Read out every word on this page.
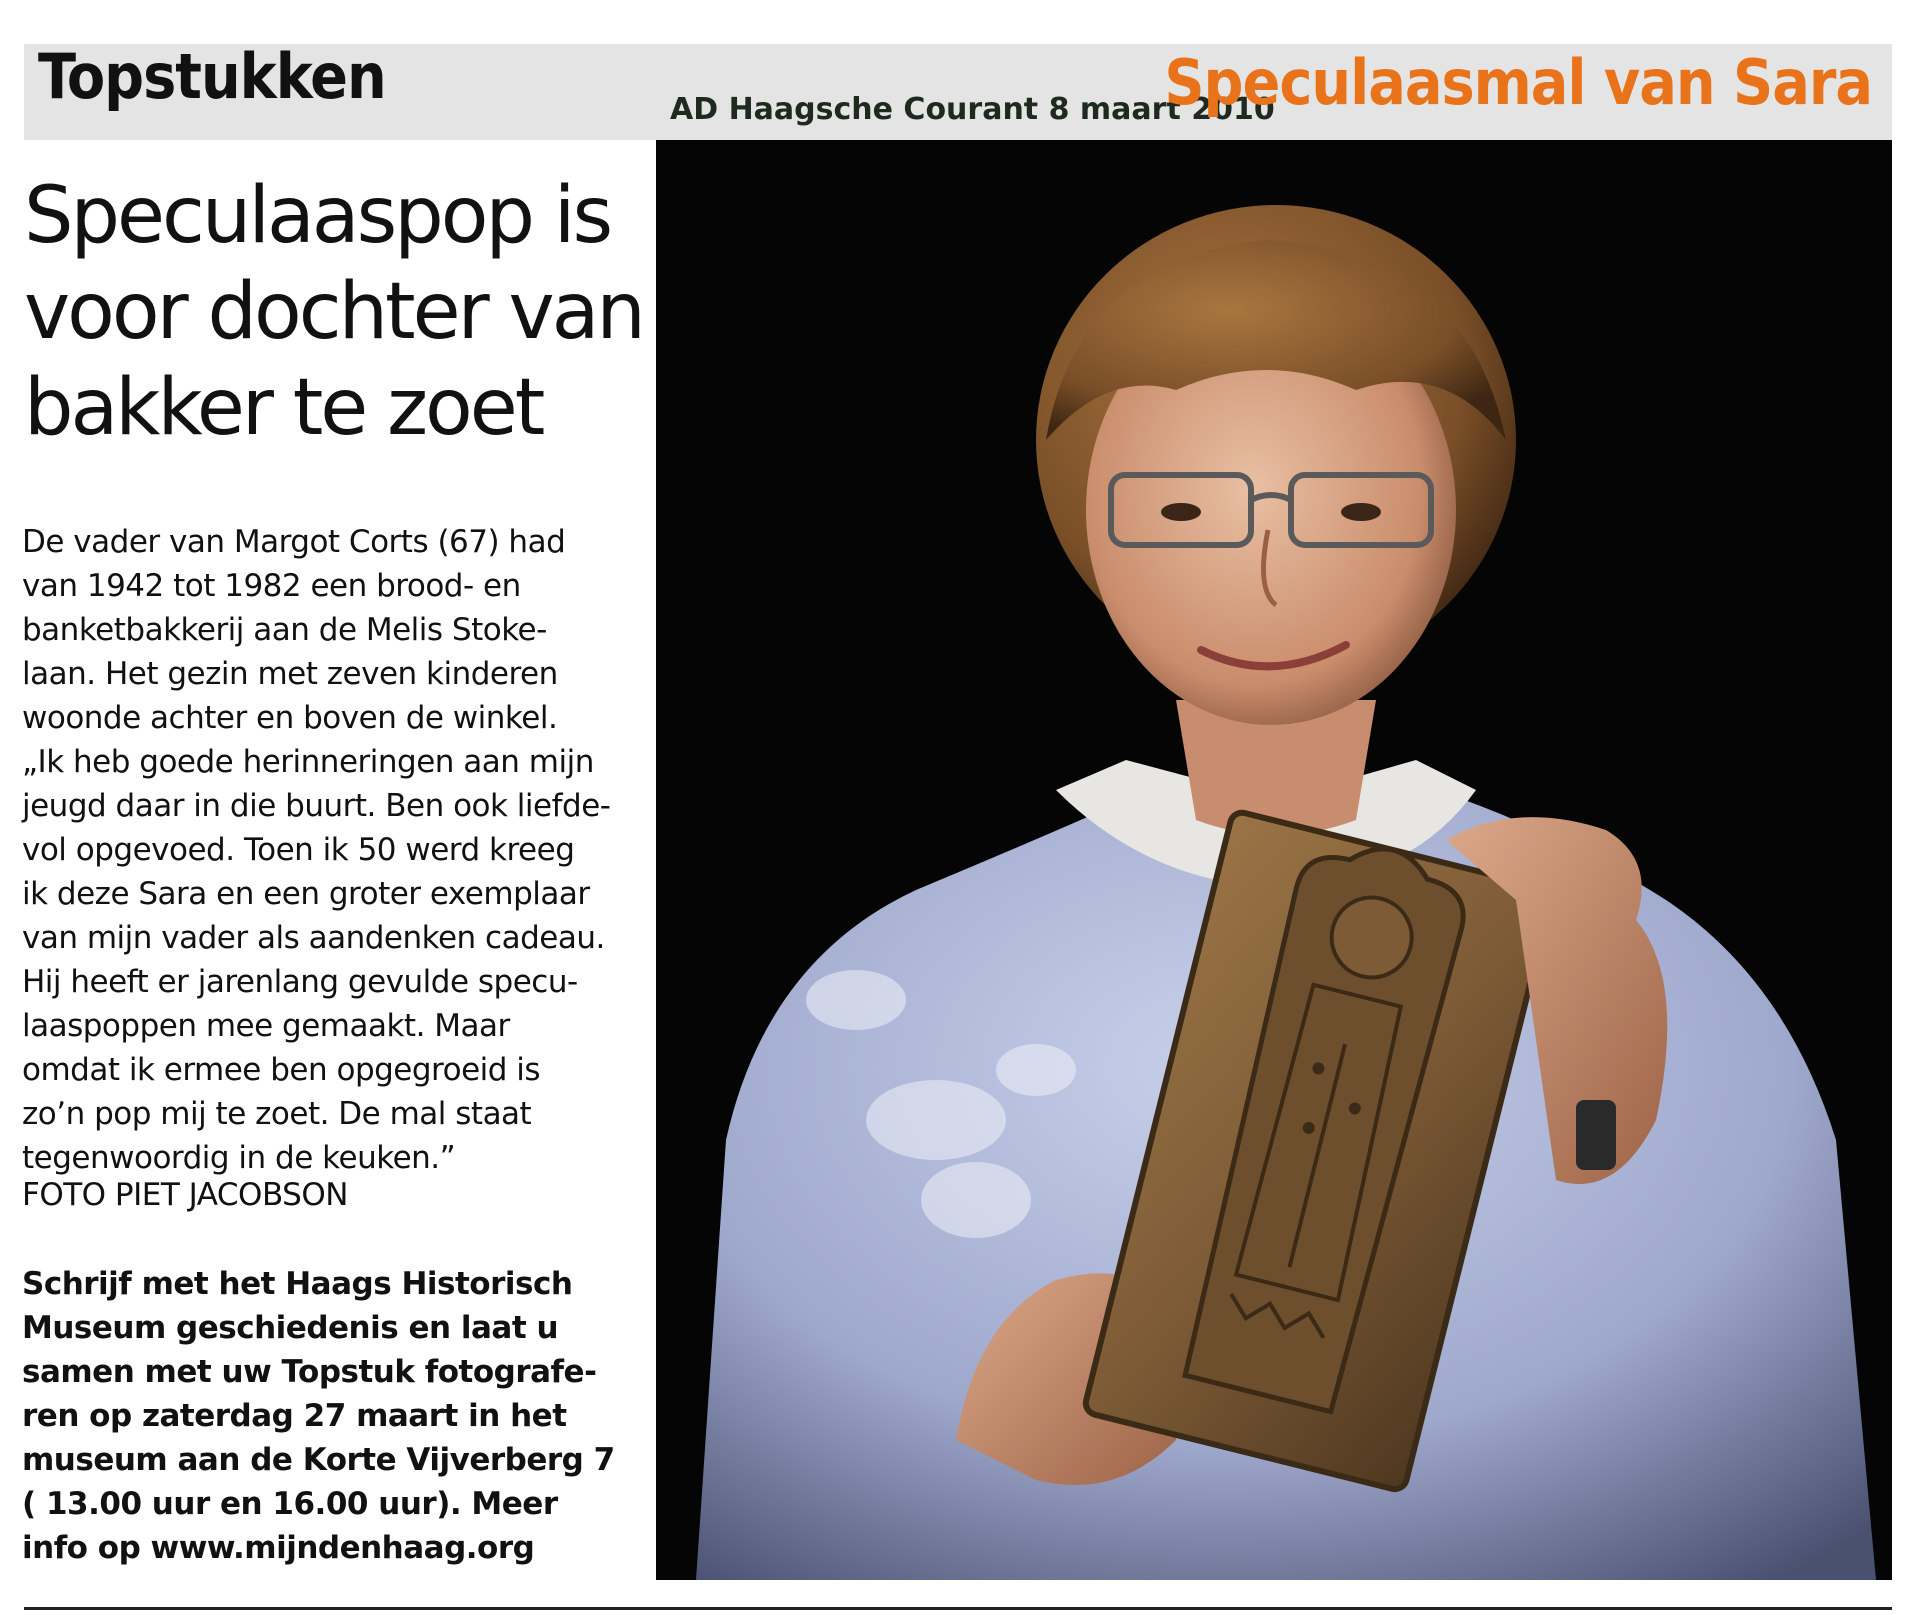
Topstukken	AD Haagsche Courant 8 maart 2010
Speculaasmal van Sara
Speculaaspop is
voor dochter van
bakker te zoet
De vader van Margot Corts (67) had
van 1942 tot 1982 een brood- en
banketbakkerij aan de Melis Stoke-
laan. Het gezin met zeven kinderen
woonde achter en boven de winkel.
„Ik heb goede herinneringen aan mijn
jeugd daar in die buurt. Ben ook liefde-
vol opgevoed. Toen ik 50 werd kreeg
ik deze Sara en een groter exemplaar
van mijn vader als aandenken cadeau.
Hij heeft er jarenlang gevulde specu-
laaspoppen mee gemaakt. Maar
omdat ik ermee ben opgegroeid is
zo’n pop mij te zoet. De mal staat
tegenwoordig in de keuken.”
FOTO PIET JACOBSON
Schrijf met het Haags Historisch
Museum geschiedenis en laat u
samen met uw Topstuk fotografe-
ren op zaterdag 27 maart in het
museum aan de Korte Vijverberg 7
( 13.00 uur en 16.00 uur). Meer
info op www.mijndenhaag.org
